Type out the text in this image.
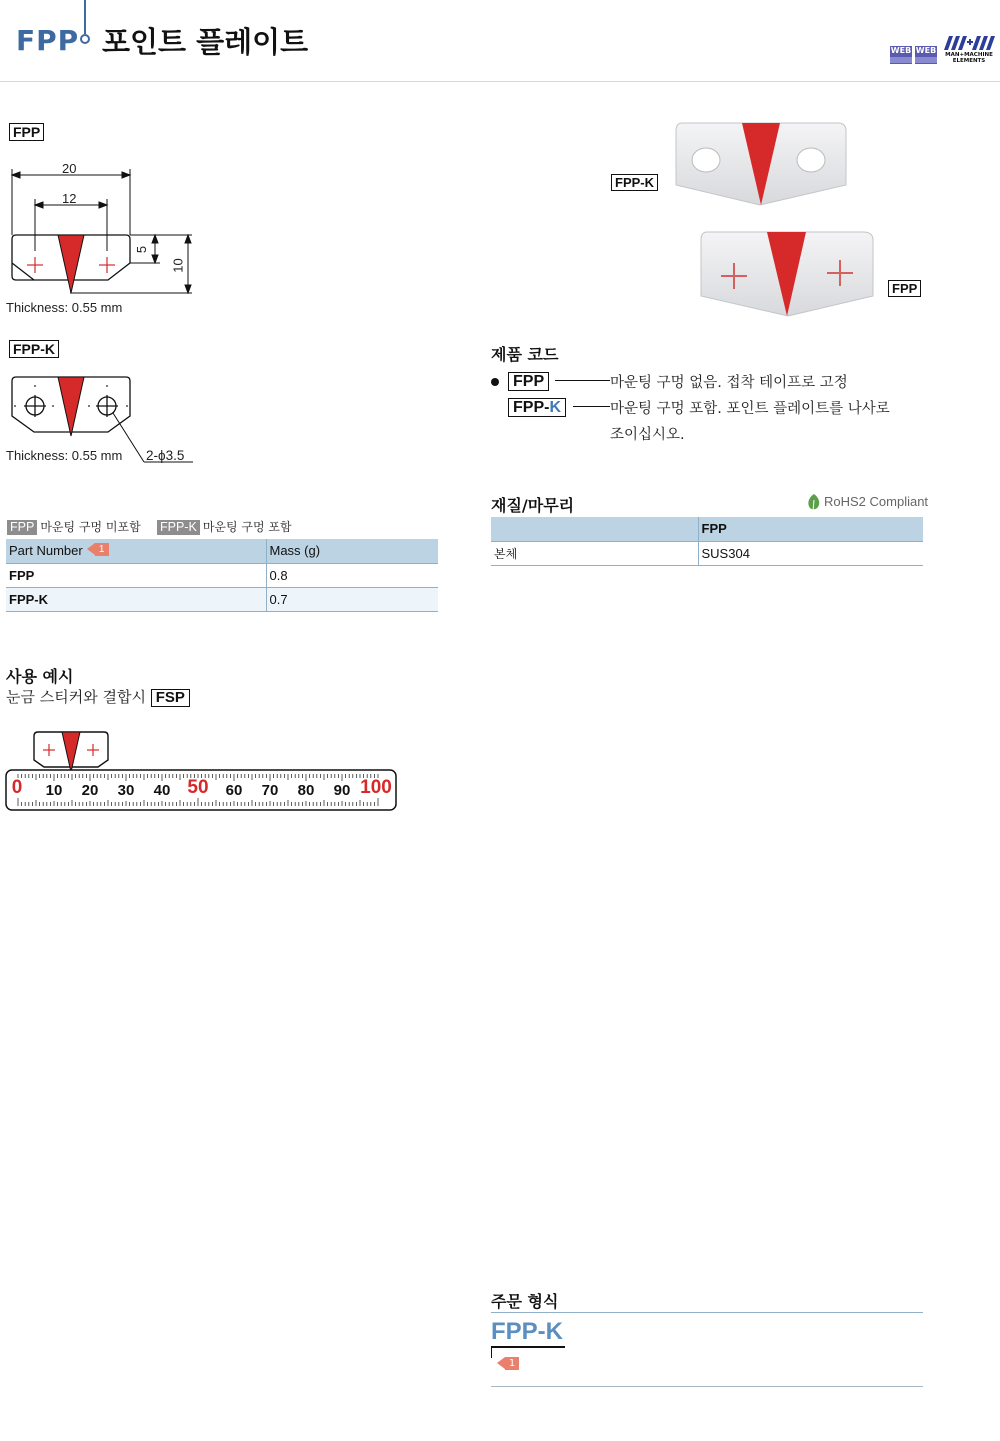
FPP 포인트 플레이트	WEB WEB	MAN+MACHINE ELEMENTS
FPP
20
12
5
10
Thickness: 0.55 mm
FPP-K
2-ϕ3.5
Thickness: 0.55 mm
FPP-K
FPP
제품 코드
FPP	마운팅 구멍 없음. 접착 테이프로 고정
FPP-K	마운팅 구멍 포함. 포인트 플레이트를 나사로
조이십시오.
FPP 마운팅 구멍 미포함 FPP-K 마운팅 구멍 포함
Part Number 1	Mass (g)
FPP	0.8
FPP-K	0.7
재질/마무리	RoHS2 Compliant
	FPP
본체	SUS304
사용 예시
눈금 스티커와 결합시 FSP
0 10 20 30 40 50 60 70 80 90 100
주문 형식
FPP-K
1
